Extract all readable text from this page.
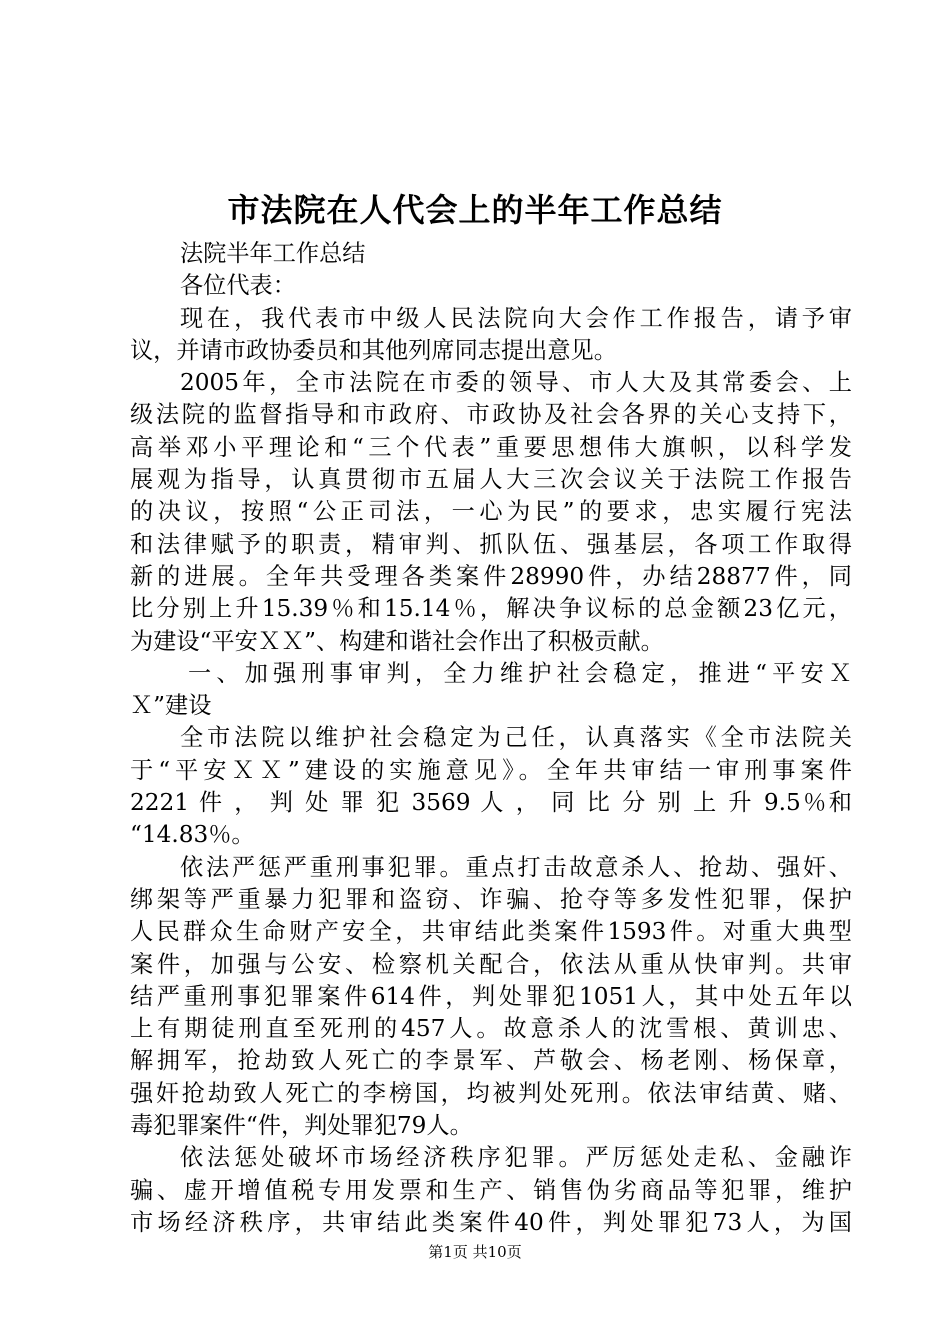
市法院在人代会上的半年工作总结
法院半年工作总结
各位代表：
现在，我代表市中级人民法院向大会作工作报告，请予审
议，并请市政协委员和其他列席同志提出意见。
2005年，全市法院在市委的领导、市人大及其常委会、上
级法院的监督指导和市政府、市政协及社会各界的关心支持下，
高举邓小平理论和“三个代表”重要思想伟大旗帜，以科学发
展观为指导，认真贯彻市五届人大三次会议关于法院工作报告
的决议，按照“公正司法，一心为民”的要求，忠实履行宪法
和法律赋予的职责，精审判、抓队伍、强基层，各项工作取得
新的进展。全年共受理各类案件28990件，办结28877件，同
比分别上升15.39％和15.14％，解决争议标的总金额23亿元，
为建设“平安ＸＸ”、构建和谐社会作出了积极贡献。
一、加强刑事审判，全力维护社会稳定，推进“平安Ｘ
Ｘ”建设
全市法院以维护社会稳定为己任，认真落实《全市法院关
于“平安ＸＸ”建设的实施意见》。全年共审结一审刑事案件
2221 件 ， 判 处 罪 犯 3569 人 ， 同 比 分 别 上 升 9.5％和
“14.83％。
依法严惩严重刑事犯罪。重点打击故意杀人、抢劫、强奸、
绑架等严重暴力犯罪和盗窃、诈骗、抢夺等多发性犯罪，保护
人民群众生命财产安全，共审结此类案件1593件。对重大典型
案件，加强与公安、检察机关配合，依法从重从快审判。共审
结严重刑事犯罪案件614件，判处罪犯1051人，其中处五年以
上有期徒刑直至死刑的457人。故意杀人的沈雪根、黄训忠、
解拥军，抢劫致人死亡的李景军、芦敬会、杨老刚、杨保章，
强奸抢劫致人死亡的李榜国，均被判处死刑。依法审结黄、赌、
毒犯罪案件“件，判处罪犯79人。
依法惩处破坏市场经济秩序犯罪。严厉惩处走私、金融诈
骗、虚开增值税专用发票和生产、销售伪劣商品等犯罪，维护
市场经济秩序，共审结此类案件40件，判处罪犯73人，为国
第1页 共10页
